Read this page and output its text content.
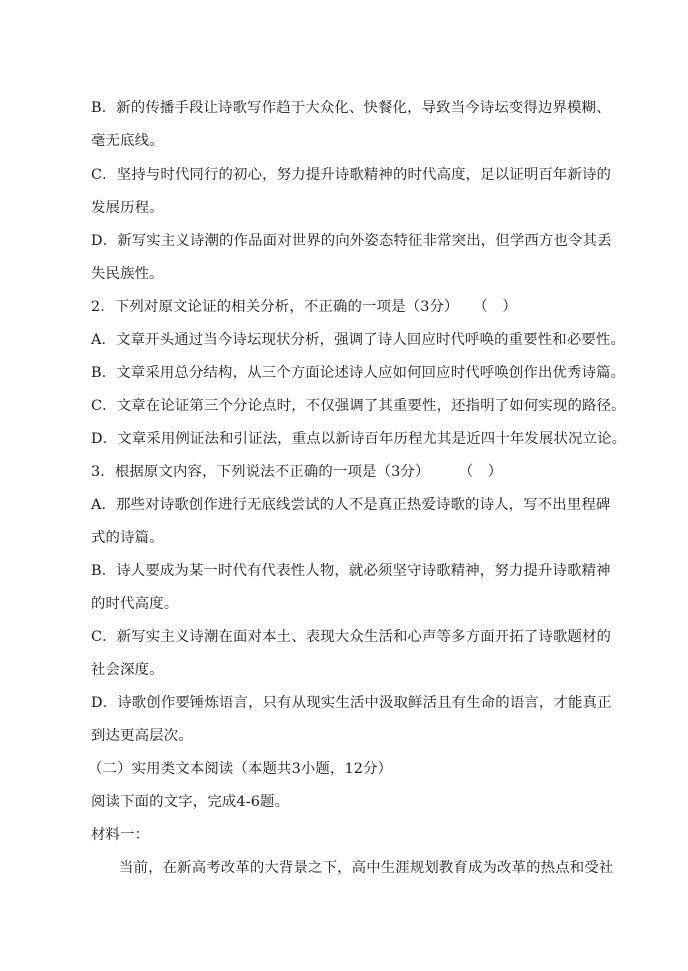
B．新的传播手段让诗歌写作趋于大众化、快餐化，导致当今诗坛变得边界模糊、
毫无底线。
C．坚持与时代同行的初心，努力提升诗歌精神的时代高度，足以证明百年新诗的
发展历程。
D．新写实主义诗潮的作品面对世界的向外姿态特征非常突出，但学西方也令其丢
失民族性。
2．下列对原文论证的相关分析，不正确的一项是（3分）　　（　）
A．文章开头通过当今诗坛现状分析，强调了诗人回应时代呼唤的重要性和必要性。
B．文章采用总分结构，从三个方面论述诗人应如何回应时代呼唤创作出优秀诗篇。
C．文章在论证第三个分论点时，不仅强调了其重要性，还指明了如何实现的路径。
D．文章采用例证法和引证法，重点以新诗百年历程尤其是近四十年发展状况立论。
3．根据原文内容，下列说法不正确的一项是（3分）　　　（　）
A．那些对诗歌创作进行无底线尝试的人不是真正热爱诗歌的诗人，写不出里程碑
式的诗篇。
B．诗人要成为某一时代有代表性人物，就必须坚守诗歌精神，努力提升诗歌精神
的时代高度。
C．新写实主义诗潮在面对本土、表现大众生活和心声等多方面开拓了诗歌题材的
社会深度。
D．诗歌创作要锤炼语言，只有从现实生活中汲取鲜活且有生命的语言，才能真正
到达更高层次。
（二）实用类文本阅读（本题共3小题，12分）
阅读下面的文字，完成4-6题。
材料一：
当前，在新高考改革的大背景之下，高中生涯规划教育成为改革的热点和受社
